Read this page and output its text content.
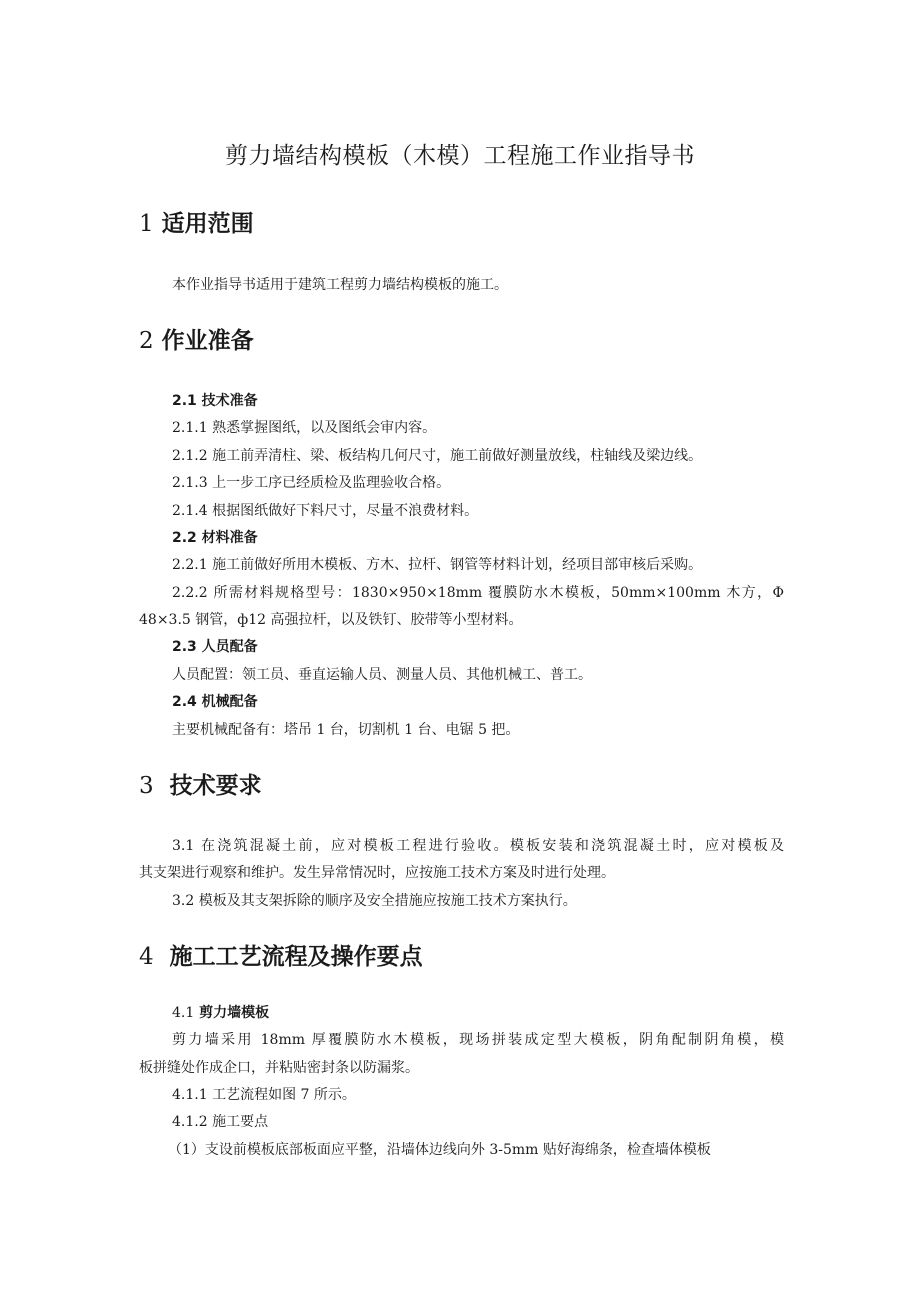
剪力墙结构模板（木模）工程施工作业指导书
1 适用范围

本作业指导书适用于建筑工程剪力墙结构模板的施工。

2 作业准备
2.1 技术准备

2.1.1 熟悉掌握图纸，以及图纸会审内容。

2.1.2 施工前弄清柱、梁、板结构几何尺寸，施工前做好测量放线，柱轴线及梁边线。

2.1.3 上一步工序已经质检及监理验收合格。

2.1.4 根据图纸做好下料尺寸，尽量不浪费材料。

2.2 材料准备

2.2.1 施工前做好所用木模板、方木、拉杆、钢管等材料计划，经项目部审核后采购。

2.2.2 所需材料规格型号：1830×950×18mm 覆膜防水木模板，50mm×100mm 木方，Φ

48×3.5 钢管，ф12 高强拉杆，以及铁钉、胶带等小型材料。

2.3 人员配备

人员配置：领工员、垂直运输人员、测量人员、其他机械工、普工。

2.4 机械配备

主要机械配备有：塔吊 1 台，切割机 1 台、电锯 5 把。

3 技术要求

3.1 在浇筑混凝土前，应对模板工程进行验收。模板安装和浇筑混凝土时，应对模板及

其支架进行观察和维护。发生异常情况时，应按施工技术方案及时进行处理。

3.2 模板及其支架拆除的顺序及安全措施应按施工技术方案执行。

4 施工工艺流程及操作要点
4.1 剪力墙模板

剪力墙采用 18mm 厚覆膜防水木模板，现场拼装成定型大模板，阴角配制阴角模，模

板拼缝处作成企口，并粘贴密封条以防漏浆。

4.1.1 工艺流程如图 7 所示。

4.1.2 施工要点

（1）支设前模板底部板面应平整，沿墙体边线向外 3-5mm 贴好海绵条，检查墙体模板
